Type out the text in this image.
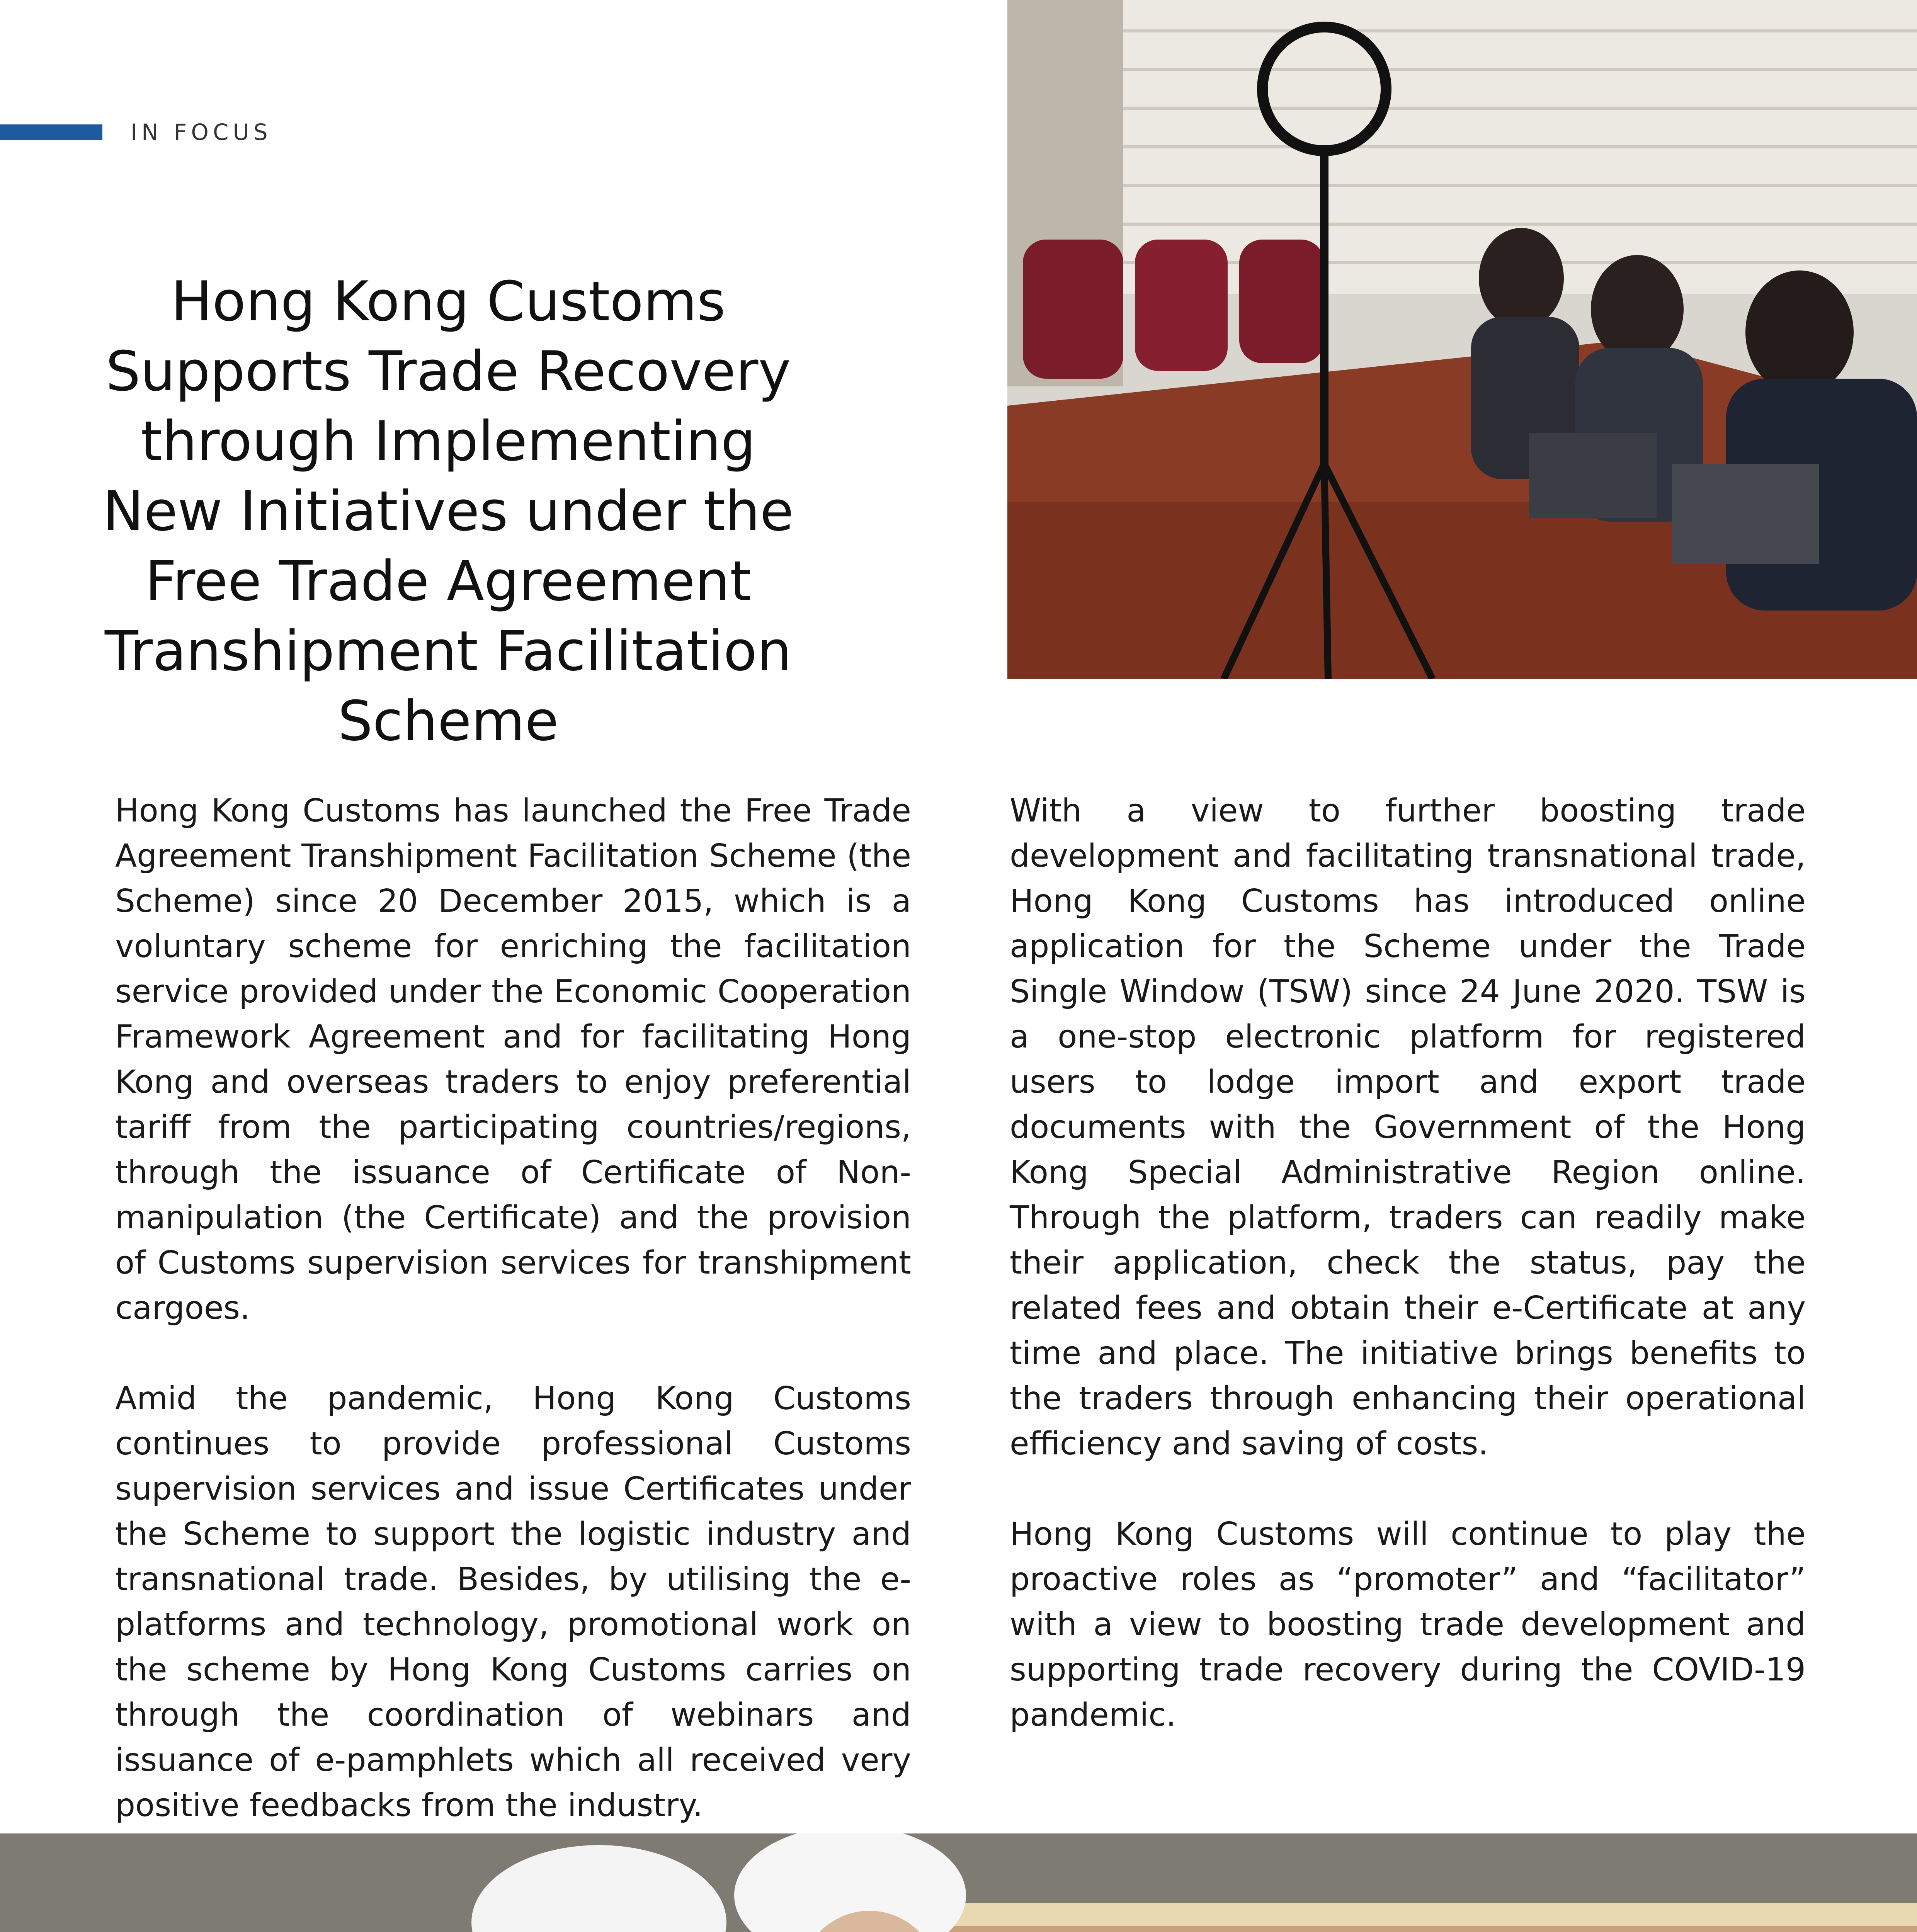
IN FOCUS
Hong Kong Customs Supports Trade Recovery through Implementing New Initiatives under the Free Trade Agreement Transhipment Facilitation Scheme

Hong Kong Customs has launched the Free Trade Agreement Transhipment Facilitation Scheme (the Scheme) since 20 December 2015, which is a voluntary scheme for enriching the facilitation service provided under the Economic Cooperation Framework Agreement and for facilitating Hong Kong and overseas traders to enjoy preferential tariff from the participating countries/regions, through the issuance of Certificate of Non-manipulation (the Certificate) and the provision of Customs supervision services for transhipment cargoes.

Amid the pandemic, Hong Kong Customs continues to provide professional Customs supervision services and issue Certificates under the Scheme to support the logistic industry and transnational trade. Besides, by utilising the e-platforms and technology, promotional work on the scheme by Hong Kong Customs carries on through the coordination of webinars and issuance of e-pamphlets which all received very positive feedbacks from the industry.

With a view to further boosting trade development and facilitating transnational trade, Hong Kong Customs has introduced online application for the Scheme under the Trade Single Window (TSW) since 24 June 2020. TSW is a one-stop electronic platform for registered users to lodge import and export trade documents with the Government of the Hong Kong Special Administrative Region online. Through the platform, traders can readily make their application, check the status, pay the related fees and obtain their e-Certificate at any time and place. The initiative brings benefits to the traders through enhancing their operational efficiency and saving of costs.

Hong Kong Customs will continue to play the proactive roles as “promoter” and “facilitator” with a view to boosting trade development and supporting trade recovery during the COVID-19 pandemic.
